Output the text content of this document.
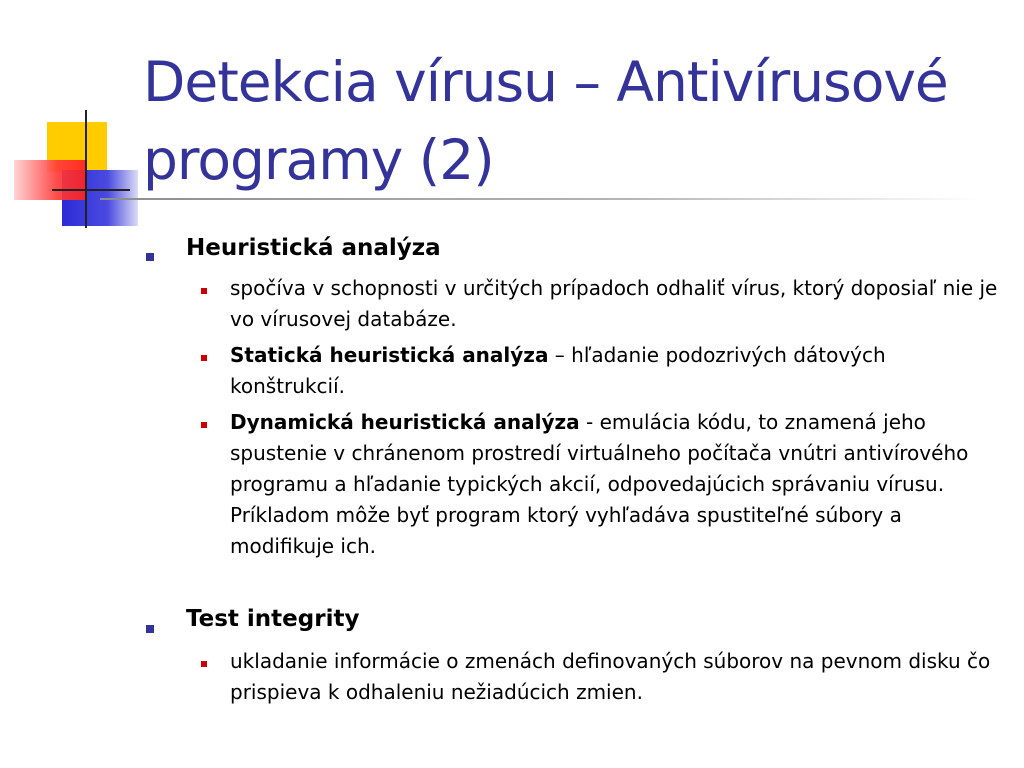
Detekcia vírusu – Antivírusové
programy (2)
Heuristická analýza
spočíva v schopnosti v určitých prípadoch odhaliť vírus, ktorý doposiaľ nie je vo vírusovej databáze.
Statická heuristická analýza – hľadanie podozrivých dátových konštrukcií.
Dynamická heuristická analýza - emulácia kódu, to znamená jeho spustenie v chránenom prostredí virtuálneho počítača vnútri antivírového programu a hľadanie typických akcií, odpovedajúcich správaniu vírusu. Príkladom môže byť program ktorý vyhľadáva spustiteľné súbory a modifikuje ich.
Test integrity
ukladanie informácie o zmenách definovaných súborov na pevnom disku čo prispieva k odhaleniu nežiadúcich zmien.
